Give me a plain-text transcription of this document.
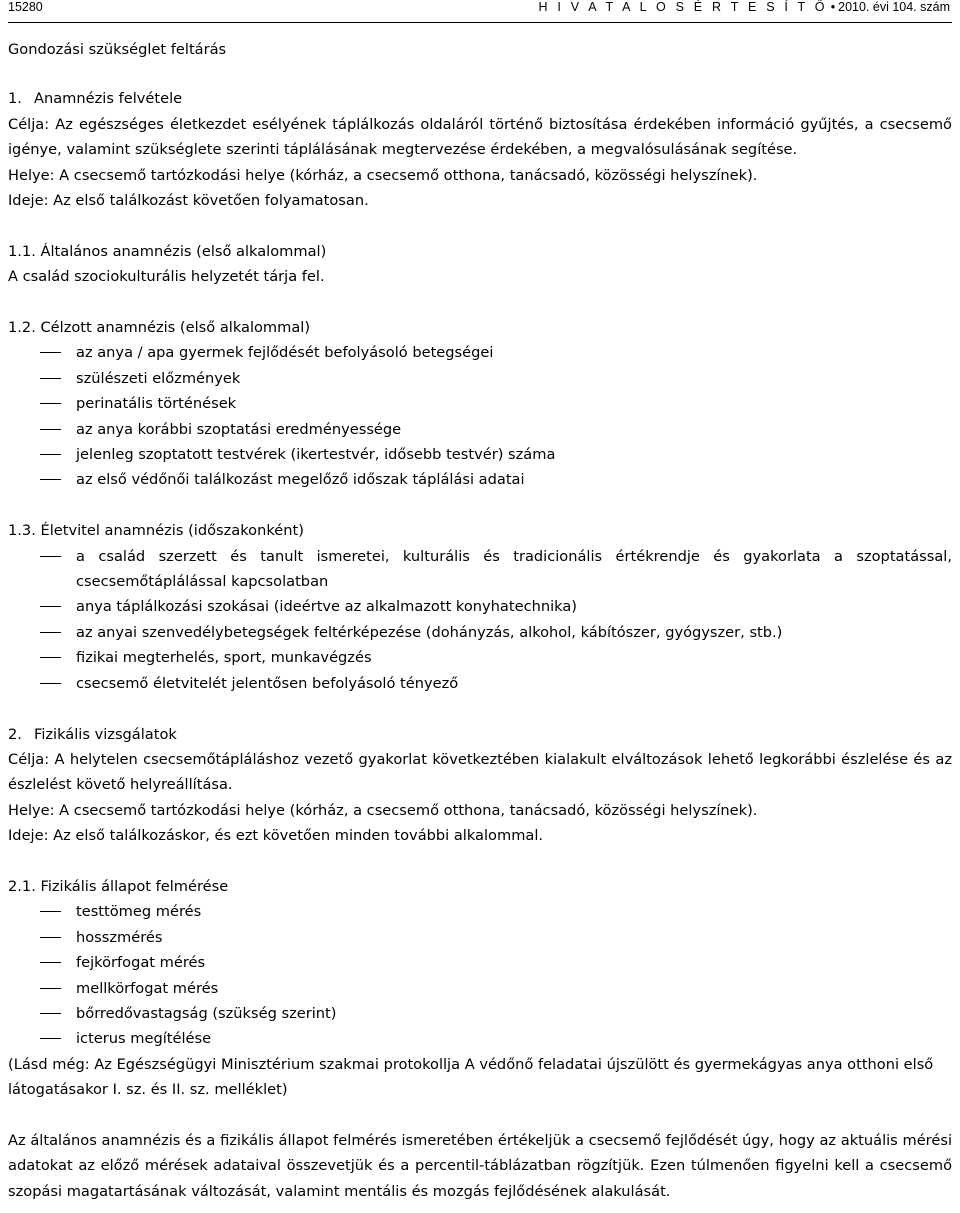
15280	H I V A T A L O S É R T E S Í T Ő • 2010. évi 104. szám

Gondozási szükséglet feltárás

1. Anamnézis felvétele

Célja: Az egészséges életkezdet esélyének táplálkozás oldaláról történő biztosítása érdekében információ gyűjtés, a csecsemő igénye, valamint szükséglete szerinti táplálásának megtervezése érdekében, a megvalósulásának segítése.

Helye: A csecsemő tartózkodási helye (kórház, a csecsemő otthona, tanácsadó, közösségi helyszínek).

Ideje: Az első találkozást követően folyamatosan.

1.1. Általános anamnézis (első alkalommal)

A család szociokulturális helyzetét tárja fel.

1.2. Célzott anamnézis (első alkalommal)

az anya / apa gyermek fejlődését befolyásoló betegségei

szülészeti előzmények

perinatális történések

az anya korábbi szoptatási eredményessége

jelenleg szoptatott testvérek (ikertestvér, idősebb testvér) száma

az első védőnői találkozást megelőző időszak táplálási adatai

1.3. Életvitel anamnézis (időszakonként)

a család szerzett és tanult ismeretei, kulturális és tradicionális értékrendje és gyakorlata a szoptatással, csecsemőtáplálással kapcsolatban

anya táplálkozási szokásai (ideértve az alkalmazott konyhatechnika)

az anyai szenvedélybetegségek feltérképezése (dohányzás, alkohol, kábítószer, gyógyszer, stb.)

fizikai megterhelés, sport, munkavégzés

csecsemő életvitelét jelentősen befolyásoló tényező

2. Fizikális vizsgálatok

Célja: A helytelen csecsemőtápláláshoz vezető gyakorlat következtében kialakult elváltozások lehető legkorábbi észlelése és az észlelést követő helyreállítása.

Helye: A csecsemő tartózkodási helye (kórház, a csecsemő otthona, tanácsadó, közösségi helyszínek).

Ideje: Az első találkozáskor, és ezt követően minden további alkalommal.

2.1. Fizikális állapot felmérése

testtömeg mérés

hosszmérés

fejkörfogat mérés

mellkörfogat mérés

bőrredővastagság (szükség szerint)

icterus megítélése

(Lásd még: Az Egészségügyi Minisztérium szakmai protokollja A védőnő feladatai újszülött és gyermekágyas anya otthoni első látogatásakor I. sz. és II. sz. melléklet)

Az általános anamnézis és a fizikális állapot felmérés ismeretében értékeljük a csecsemő fejlődését úgy, hogy az aktuális mérési adatokat az előző mérések adataival összevetjük és a percentil-táblázatban rögzítjük. Ezen túlmenően figyelni kell a csecsemő szopási magatartásának változását, valamint mentális és mozgás fejlődésének alakulását.
